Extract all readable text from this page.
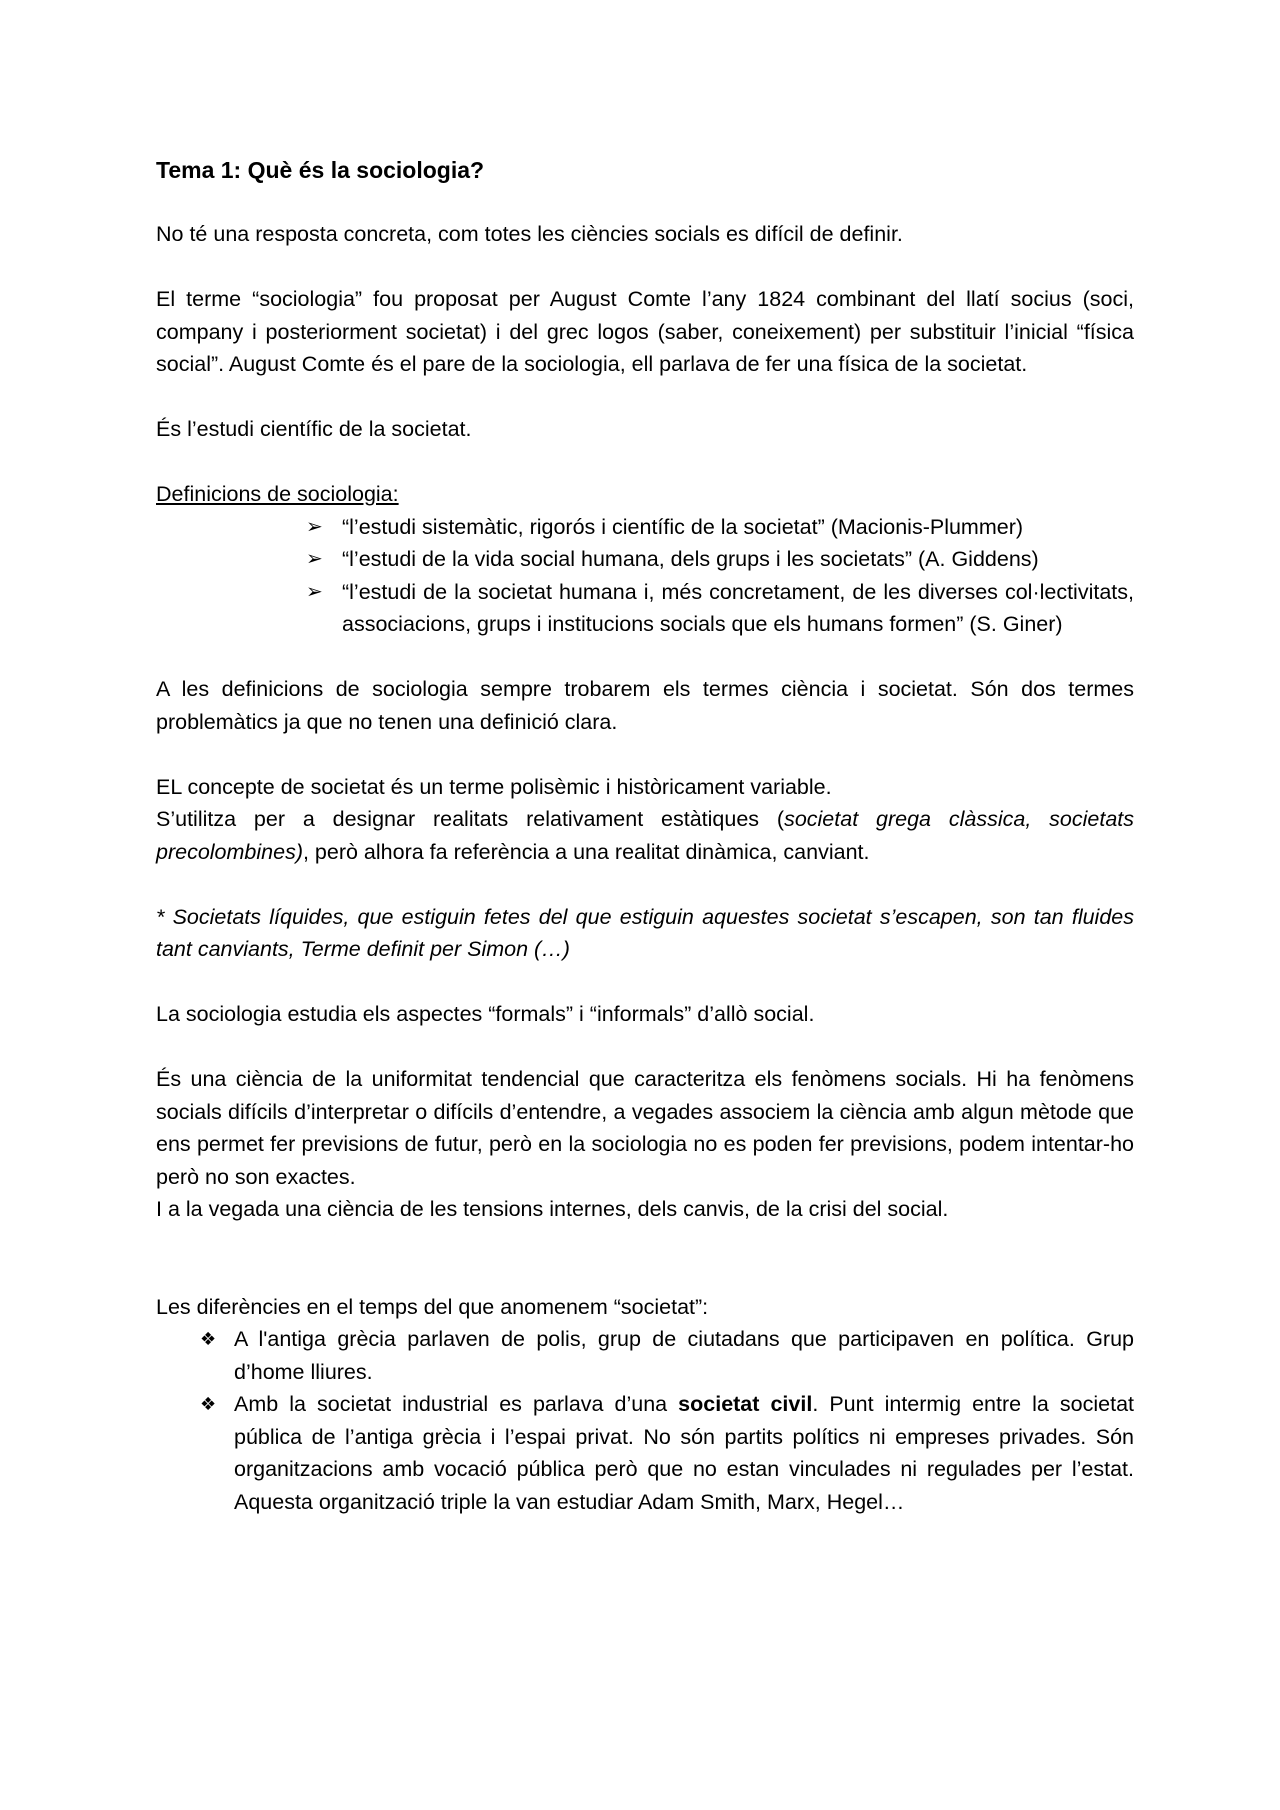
Tema 1: Què és la sociologia?

No té una resposta concreta, com totes les ciències socials es difícil de definir.

El terme “sociologia” fou proposat per August Comte l’any 1824 combinant del llatí socius (soci, company i posteriorment societat) i del grec logos (saber, coneixement) per substituir l’inicial “física social”. August Comte és el pare de la sociologia, ell parlava de fer una física de la societat.

És l’estudi científic de la societat.

Definicions de sociologia:
➢ “l’estudi sistemàtic, rigorós i científic de la societat” (Macionis-Plummer)
➢ “l’estudi de la vida social humana, dels grups i les societats” (A. Giddens)
➢ “l’estudi de la societat humana i, més concretament, de les diverses col·lectivitats, associacions, grups i institucions socials que els humans formen” (S. Giner)

A les definicions de sociologia sempre trobarem els termes ciència i societat. Són dos termes problemàtics ja que no tenen una definició clara.

EL concepte de societat és un terme polisèmic i històricament variable.
S’utilitza per a designar realitats relativament estàtiques (societat grega clàssica, societats precolombines), però alhora fa referència a una realitat dinàmica, canviant.

* Societats líquides, que estiguin fetes del que estiguin aquestes societat s’escapen, son tan fluides tant canviants, Terme definit per Simon (…)

La sociologia estudia els aspectes “formals” i “informals” d’allò social.

És una ciència de la uniformitat tendencial que caracteritza els fenòmens socials. Hi ha fenòmens socials difícils d’interpretar o difícils d’entendre, a vegades associem la ciència amb algun mètode que ens permet fer previsions de futur, però en la sociologia no es poden fer previsions, podem intentar-ho però no son exactes.
I a la vegada una ciència de les tensions internes, dels canvis, de la crisi del social.

Les diferències en el temps del que anomenem “societat”:
❖ A l'antiga grècia parlaven de polis, grup de ciutadans que participaven en política. Grup d’home lliures.
❖ Amb la societat industrial es parlava d’una societat civil. Punt intermig entre la societat pública de l’antiga grècia i l’espai privat. No són partits polítics ni empreses privades. Són organitzacions amb vocació pública però que no estan vinculades ni regulades per l’estat. Aquesta organització triple la van estudiar Adam Smith, Marx, Hegel…
